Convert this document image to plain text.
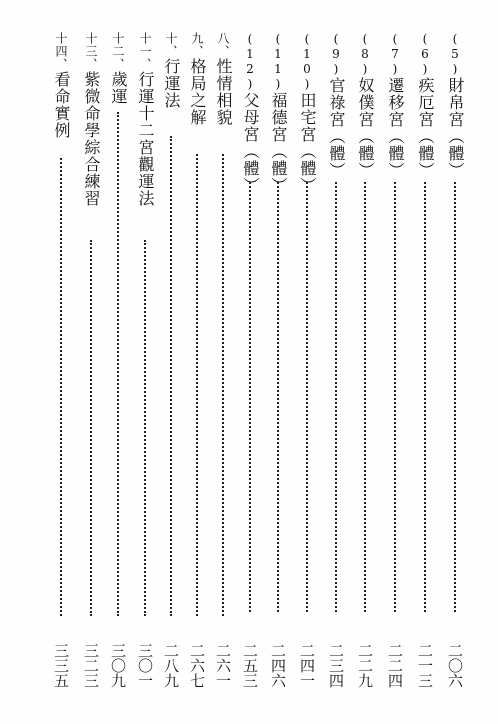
(5)財帛宮（體）
二〇六
(6)疾厄宮（體）
二一三
(7)遷移宮（體）
二二四
(8)奴僕宮（體）
二二九
(9)官祿宮（體）
二三四
(10)田宅宮（體）
二四一
(11)福德宮（體）
二四六
(12)父母宮（體）
二五三
八、性情相貌
二六一
九、格局之解
二六七
十、行運法
二八九
十一、行運十二宮觀運法
三〇一
十二、歲運
三〇九
十三、紫微命學綜合練習
三二三
十四、看命實例
三三五
